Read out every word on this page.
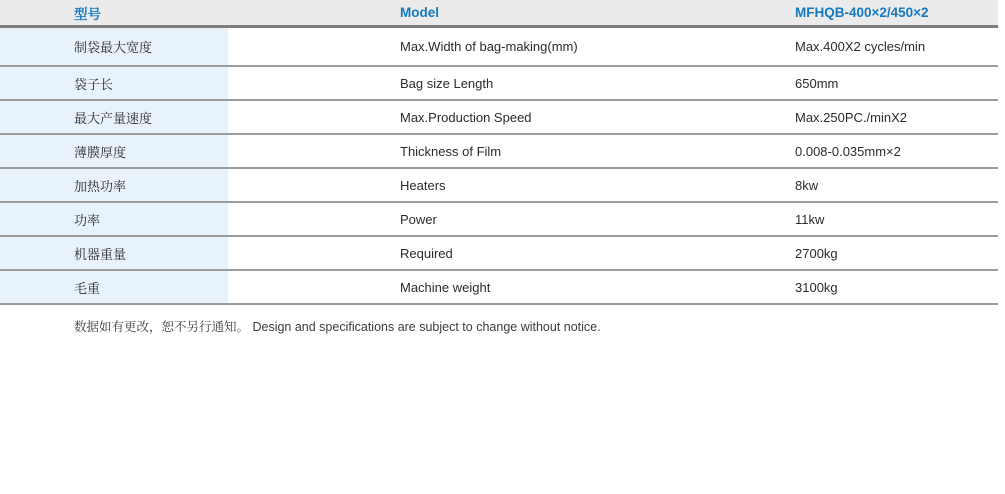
型号	Model	MFHQB-400×2/450×2
制袋最大宽度	Max.Width of bag-making(mm)	Max.400X2 cycles/min
袋子长	Bag size Length	650mm
最大产量速度	Max.Production Speed	Max.250PC./minX2
薄膜厚度	Thickness of Film	0.008-0.035mm×2
加热功率	Heaters	8kw
功率	Power	11kw
机器重量	Required	2700kg
毛重	Machine weight	3100kg
数据如有更改，恕不另行通知。 Design and specifications are subject to change without notice.
